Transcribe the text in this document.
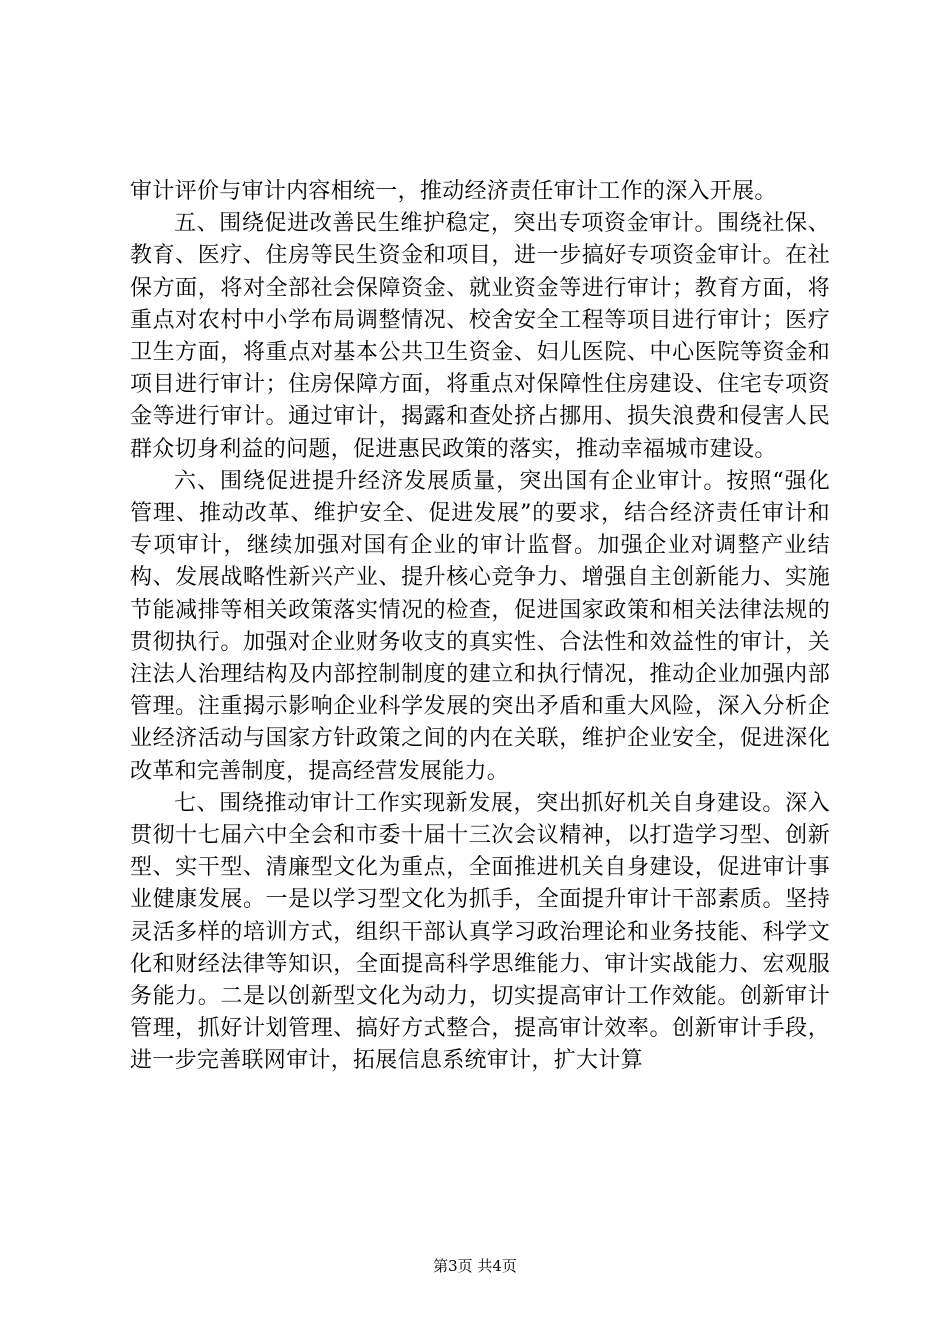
审计评价与审计内容相统一，推动经济责任审计工作的深入开展。

五、围绕促进改善民生维护稳定，突出专项资金审计。围绕社保、教育、医疗、住房等民生资金和项目，进一步搞好专项资金审计。在社保方面，将对全部社会保障资金、就业资金等进行审计；教育方面，将重点对农村中小学布局调整情况、校舍安全工程等项目进行审计；医疗卫生方面，将重点对基本公共卫生资金、妇儿医院、中心医院等资金和项目进行审计；住房保障方面，将重点对保障性住房建设、住宅专项资金等进行审计。通过审计，揭露和查处挤占挪用、损失浪费和侵害人民群众切身利益的问题，促进惠民政策的落实，推动幸福城市建设。

六、围绕促进提升经济发展质量，突出国有企业审计。按照“强化管理、推动改革、维护安全、促进发展”的要求，结合经济责任审计和专项审计，继续加强对国有企业的审计监督。加强企业对调整产业结构、发展战略性新兴产业、提升核心竞争力、增强自主创新能力、实施节能减排等相关政策落实情况的检查，促进国家政策和相关法律法规的贯彻执行。加强对企业财务收支的真实性、合法性和效益性的审计，关注法人治理结构及内部控制制度的建立和执行情况，推动企业加强内部管理。注重揭示影响企业科学发展的突出矛盾和重大风险，深入分析企业经济活动与国家方针政策之间的内在关联，维护企业安全，促进深化改革和完善制度，提高经营发展能力。

七、围绕推动审计工作实现新发展，突出抓好机关自身建设。深入贯彻十七届六中全会和市委十届十三次会议精神，以打造学习型、创新型、实干型、清廉型文化为重点，全面推进机关自身建设，促进审计事业健康发展。一是以学习型文化为抓手，全面提升审计干部素质。坚持灵活多样的培训方式，组织干部认真学习政治理论和业务技能、科学文化和财经法律等知识，全面提高科学思维能力、审计实战能力、宏观服务能力。二是以创新型文化为动力，切实提高审计工作效能。创新审计管理，抓好计划管理、搞好方式整合，提高审计效率。创新审计手段，进一步完善联网审计，拓展信息系统审计，扩大计算

第3页 共4页
